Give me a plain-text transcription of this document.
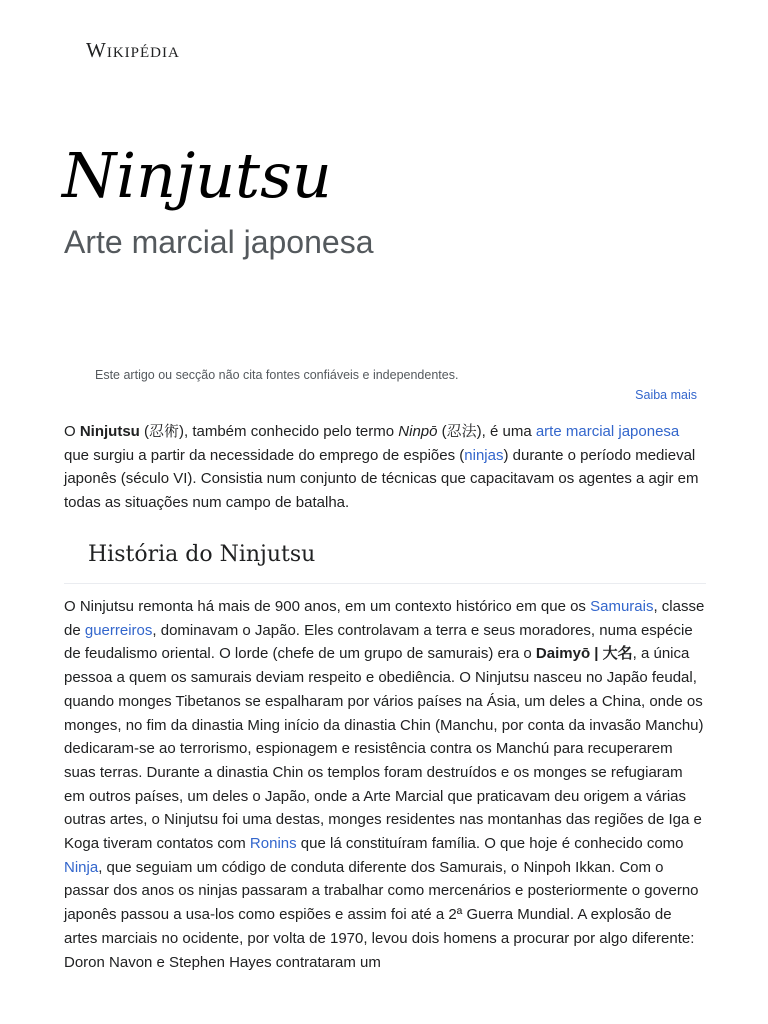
Wikipédia
Ninjutsu
Arte marcial japonesa
Este artigo ou secção não cita fontes confiáveis e independentes.
Saiba mais

O Ninjutsu (忍術), também conhecido pelo termo Ninpō (忍法), é uma arte marcial japonesa que surgiu a partir da necessidade do emprego de espiões (ninjas) durante o período medieval japonês (século VI). Consistia num conjunto de técnicas que capacitavam os agentes a agir em todas as situações num campo de batalha.

História do Ninjutsu

O Ninjutsu remonta há mais de 900 anos, em um contexto histórico em que os Samurais, classe de guerreiros, dominavam o Japão. Eles controlavam a terra e seus moradores, numa espécie de feudalismo oriental. O lorde (chefe de um grupo de samurais) era o Daimyō | 大名, a única pessoa a quem os samurais deviam respeito e obediência. O Ninjutsu nasceu no Japão feudal, quando monges Tibetanos se espalharam por vários países na Ásia, um deles a China, onde os monges, no fim da dinastia Ming início da dinastia Chin (Manchu, por conta da invasão Manchu) dedicaram-se ao terrorismo, espionagem e resistência contra os Manchú para recuperarem suas terras. Durante a dinastia Chin os templos foram destruídos e os monges se refugiaram em outros países, um deles o Japão, onde a Arte Marcial que praticavam deu origem a várias outras artes, o Ninjutsu foi uma destas, monges residentes nas montanhas das regiões de Iga e Koga tiveram contatos com Ronins que lá constituíram família. O que hoje é conhecido como Ninja, que seguiam um código de conduta diferente dos Samurais, o Ninpoh Ikkan. Com o passar dos anos os ninjas passaram a trabalhar como mercenários e posteriormente o governo japonês passou a usa-los como espiões e assim foi até a 2ª Guerra Mundial. A explosão de artes marciais no ocidente, por volta de 1970, levou dois homens a procurar por algo diferente: Doron Navon e Stephen Hayes contrataram um
